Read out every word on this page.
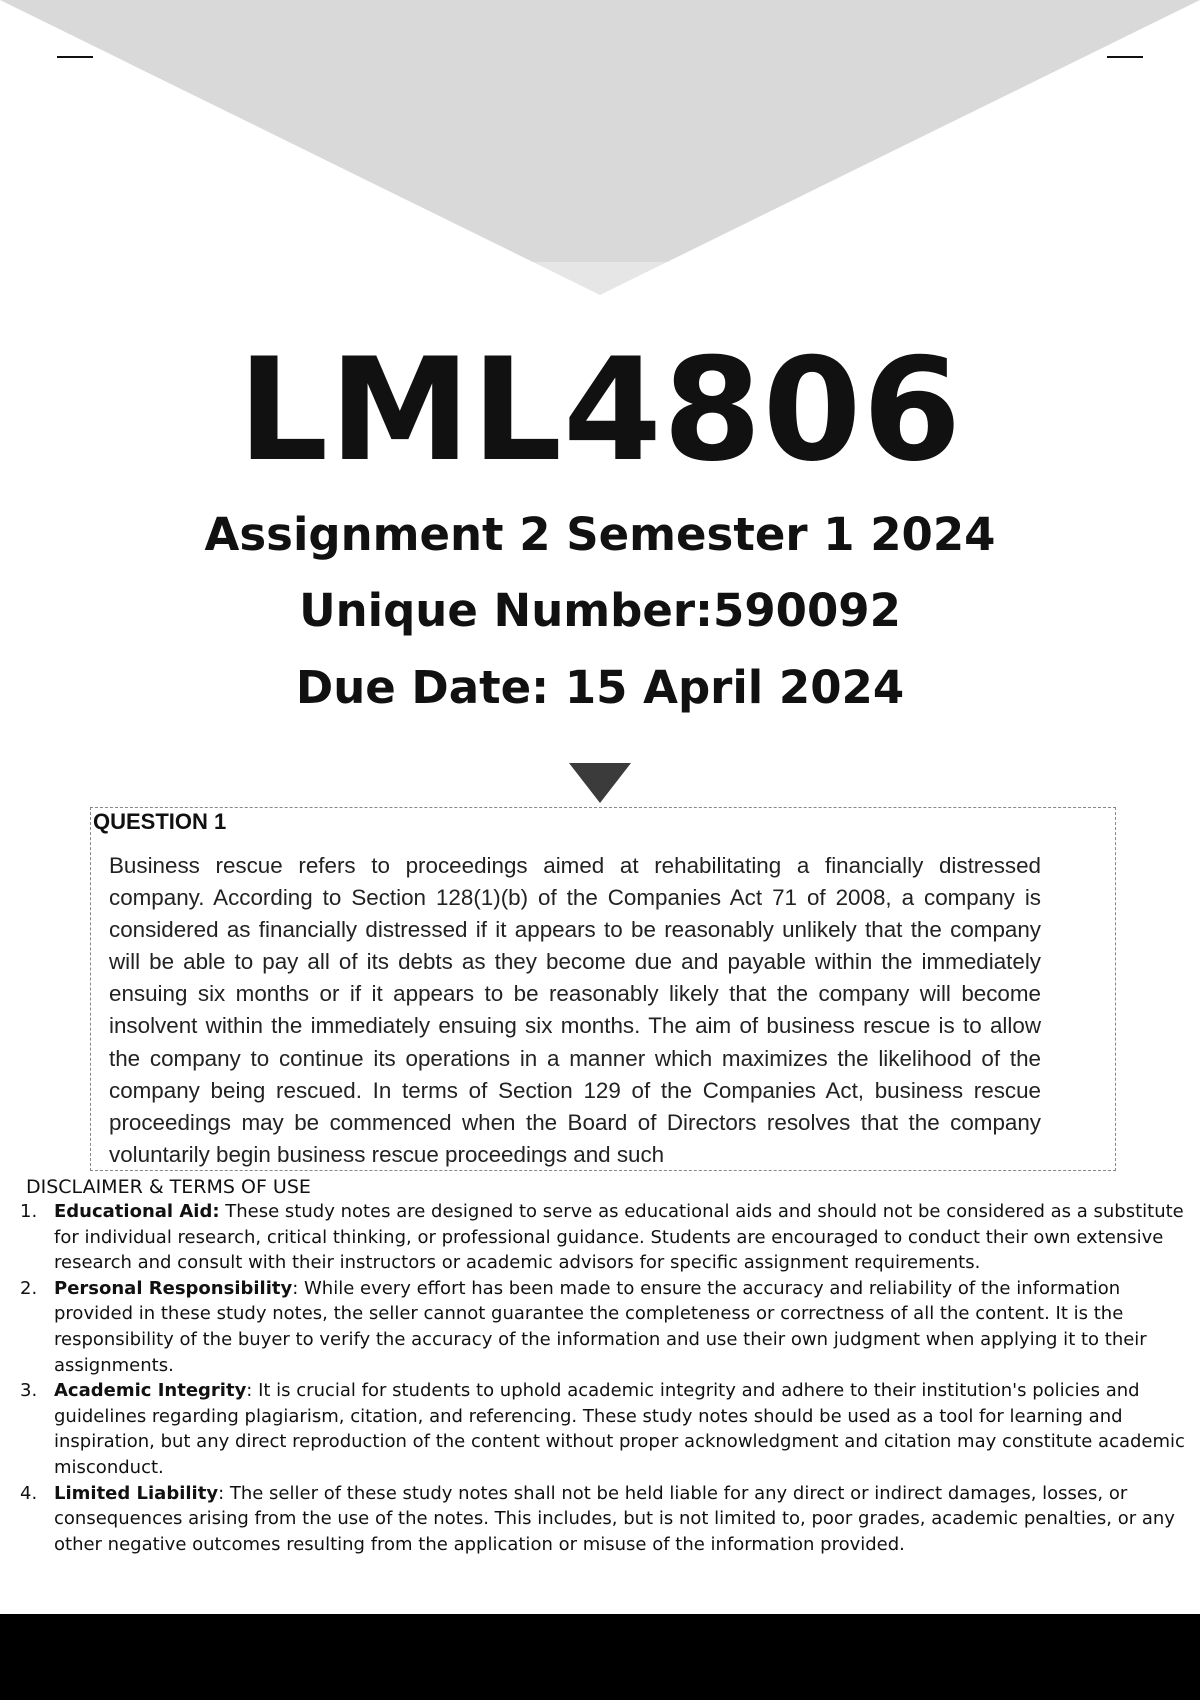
LML4806
Assignment 2 Semester 1 2024
Unique Number:590092
Due Date: 15 April 2024
QUESTION 1
Business rescue refers to proceedings aimed at rehabilitating a financially distressed company. According to Section 128(1)(b) of the Companies Act 71 of 2008, a company is considered as financially distressed if it appears to be reasonably unlikely that the company will be able to pay all of its debts as they become due and payable within the immediately ensuing six months or if it appears to be reasonably likely that the company will become insolvent within the immediately ensuing six months. The aim of business rescue is to allow the company to continue its operations in a manner which maximizes the likelihood of the company being rescued. In terms of Section 129 of the Companies Act, business rescue proceedings may be commenced when the Board of Directors resolves that the company voluntarily begin business rescue proceedings and such
DISCLAIMER & TERMS OF USE
1. Educational Aid: These study notes are designed to serve as educational aids and should not be considered as a substitute for individual research, critical thinking, or professional guidance. Students are encouraged to conduct their own extensive research and consult with their instructors or academic advisors for specific assignment requirements.
2. Personal Responsibility: While every effort has been made to ensure the accuracy and reliability of the information provided in these study notes, the seller cannot guarantee the completeness or correctness of all the content. It is the responsibility of the buyer to verify the accuracy of the information and use their own judgment when applying it to their assignments.
3. Academic Integrity: It is crucial for students to uphold academic integrity and adhere to their institution's policies and guidelines regarding plagiarism, citation, and referencing. These study notes should be used as a tool for learning and inspiration, but any direct reproduction of the content without proper acknowledgment and citation may constitute academic misconduct.
4. Limited Liability: The seller of these study notes shall not be held liable for any direct or indirect damages, losses, or consequences arising from the use of the notes. This includes, but is not limited to, poor grades, academic penalties, or any other negative outcomes resulting from the application or misuse of the information provided.
